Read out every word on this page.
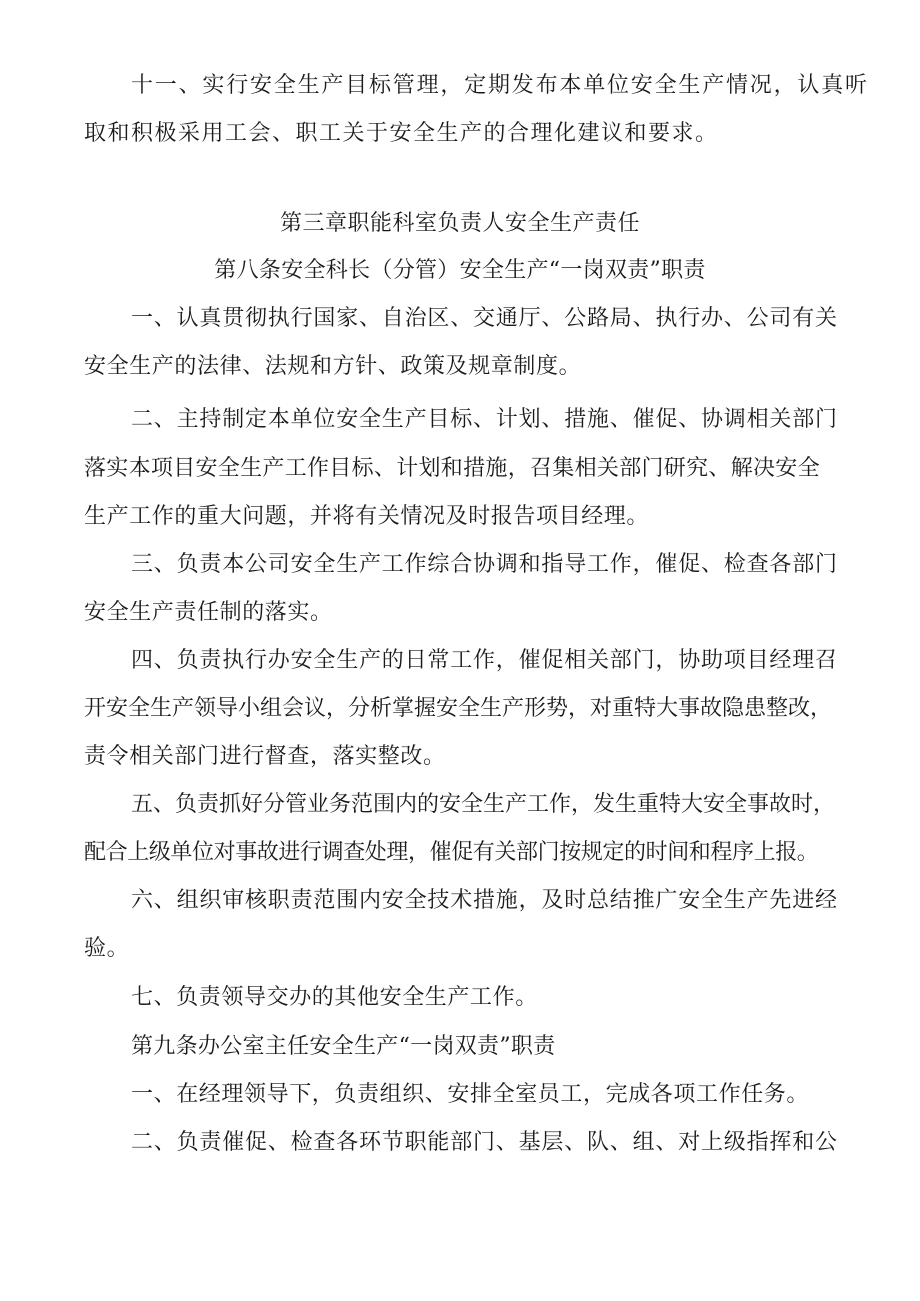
十一、实行安全生产目标管理，定期发布本单位安全生产情况，认真听
取和积极采用工会、职工关于安全生产的合理化建议和要求。
第三章职能科室负责人安全生产责任
第八条安全科长（分管）安全生产“一岗双责”职责
一、认真贯彻执行国家、自治区、交通厅、公路局、执行办、公司有关
安全生产的法律、法规和方针、政策及规章制度。
二、主持制定本单位安全生产目标、计划、措施、催促、协调相关部门
落实本项目安全生产工作目标、计划和措施，召集相关部门研究、解决安全
生产工作的重大问题，并将有关情况及时报告项目经理。
三、负责本公司安全生产工作综合协调和指导工作，催促、检查各部门
安全生产责任制的落实。
四、负责执行办安全生产的日常工作，催促相关部门，协助项目经理召
开安全生产领导小组会议，分析掌握安全生产形势，对重特大事故隐患整改，
责令相关部门进行督查，落实整改。
五、负责抓好分管业务范围内的安全生产工作，发生重特大安全事故时，
配合上级单位对事故进行调查处理，催促有关部门按规定的时间和程序上报。
六、组织审核职责范围内安全技术措施，及时总结推广安全生产先进经
验。
七、负责领导交办的其他安全生产工作。
第九条办公室主任安全生产“一岗双责”职责
一、在经理领导下，负责组织、安排全室员工，完成各项工作任务。
二、负责催促、检查各环节职能部门、基层、队、组、对上级指挥和公
